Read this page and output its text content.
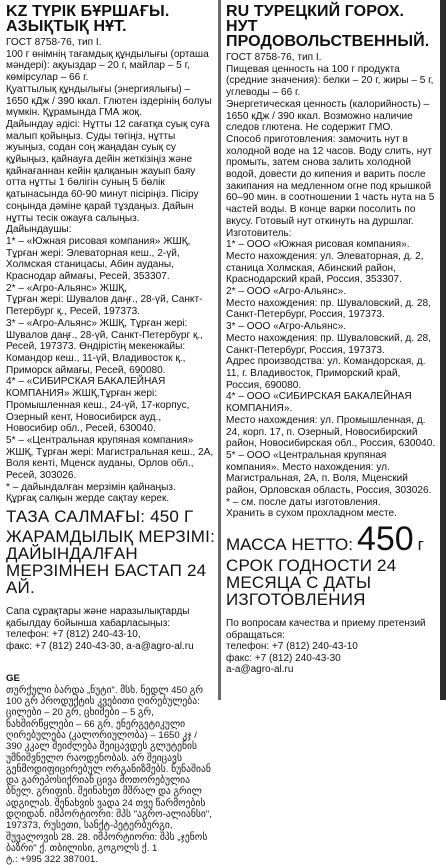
KZ ТҮРІК БҰРШАҒЫ. АЗЫҚТЫҚ НҰТ.

ГОСТ 8758-76, тип I.
100 г өнімнің тағамдық құндылығы (орташа мәндері): ақуыздар – 20 г, майлар – 5 г, көмірсулар – 66 г.
Қуаттылық құндылығы (энергиялығы) – 1650 кДж / 390 ккал. Глютен іздерінің болуы мүмкін. Құрамында ГМА жоқ.
Дайындау әдісі: Нұтты 12 сағатқа суық суға малып қойыңыз. Суды төгіңіз, нұтты жуыңыз, содан соң жаңадан суық су құйыңыз, қайнауға дейін жеткізіңіз және қайнағаннан кейін қалқанын жауып баяу отта нұтты 1 бөлігін суның 5 бөлік қатынасында 60-90 минут пісіріңіз. Пісіру соңында дәміне қарай тұздаңыз. Дайын нұтты тесік ожауға салыңыз.
Дайындаушы:
1* – «Южная рисовая компания» ЖШҚ, Тұрған жері: Элеваторная кеш., 2-үй, Холмская станицасы, Абин ауданы, Краснодар аймағы, Ресей, 353307.
2* – «Агро-Альянс» ЖШҚ,
Тұрған жері: Шувалов даңғ., 28-үй, Санкт-Петербург қ., Ресей, 197373.
3* – «Агро-Альянс» ЖШҚ, Тұрған жері: Шувалов даңғ., 28-үй, Санкт-Петербург қ., Ресей, 197373. Өндірістің мекенжайы: Командор кеш., 11-үй, Владивосток қ., Приморск аймағы, Ресей, 690080.
4* – «СИБИРСКАЯ БАКАЛЕЙНАЯ КОМПАНИЯ» ЖШҚ,Тұрған жері: Промышленная кеш., 24-үй, 17-корпус, Озерный кент, Новосибирск ауд., Новосибир обл., Ресей, 630040.
5* – «Центральная крупяная компания» ЖШҚ, Тұрған жері: Магистральная кеш., 2А, Воля кенті, Мценск ауданы, Орлов обл., Ресей, 303026.
* – дайындалған мерзімін қайнаңыз.
Құрғақ салқын жерде сақтау керек.

ТАЗА САЛМАҒЫ: 450 Г
ЖАРАМДЫЛЫҚ МЕРЗІМІ: ДАЙЫНДАЛҒАН МЕРЗІМНЕН БАСТАП 24 АЙ.

Сапа сұрақтары және наразылықтарды қабылдау бойынша хабарласыңыз: телефон: +7 (812) 240-43-10,
факс: +7 (812) 240-43-30, a-a@agro-al.ru

GE
თურქული ბარდა „ნუტი". მსხ. ნედლ 450 გრ 100 გრ პროდუქტის კვებითი ღირებულება: ცილები – 20 გრ, ცხიმები – 5 გრ, ნახშირწყლები – 66 გრ, ენერგეტიკული ღირებულება (კალორიულობა) – 1650 კჯ / 390 კკალ შეიძლება შეიცავდეს გლუტენის უმნიშვნელო რაოდენობას. არ შეიცავს გენმოდიფიცირებულ ორგანიზმებს. ნუნაშიან და გარეპოსიქრიან ცივა მოთორებულია ბნელ. გრიფის. შეინახეთ მშრალ და გრილ ადგილას. შენახვის ვადა 24 თვე წარმოების დღიდან. იმპორტიორი: შპს "აგრო-ალიანსი", 197373, რუსეთი, სანქტ-პეტერბურგი, შუვალოვის 28. 28. იმპორტიორი: შპს „ჯენოს ბაზრი" ქ. თბილისი, გოგოლს ქ. 1
ტ.: +995 322 387001.

RU ТУРЕЦКИЙ ГОРОХ. НУТ ПРОДОВОЛЬСТВЕННЫЙ.

ГОСТ 8758-76, тип I.
Пищевая ценность на 100 г продукта (средние значения): белки – 20 г, жиры – 5 г, углеводы – 66 г.
Энергетическая ценность (калорийность) – 1650 кДж / 390 ккал. Возможно наличие следов глютена. Не содержит ГМО.
Способ приготовления: замочить нут в холодной воде на 12 часов. Воду слить, нут промыть, затем снова залить холодной водой, довести до кипения и варить после закипания на медленном огне под крышкой 60–90 мин. в соотношении 1 часть нута на 5 частей воды. В конце варки посолить по вкусу. Готовый нут откинуть на дуршлаг.
Изготовитель:
1* – ООО «Южная рисовая компания».
Место нахождения: ул. Элеваторная, д. 2, станица Холмская, Абинский район, Краснодарский край, Россия, 353307.
2* – ООО «Агро-Альянс».
Место нахождения: пр. Шуваловский, д. 28, Санкт-Петербург, Россия, 197373.
3* – ООО «Агро-Альянс».
Место нахождения: пр. Шуваловский, д. 28, Санкт-Петербург, Россия, 197373.
Адрес производства: ул. Командорская, д. 11, г. Владивосток, Приморский край, Россия, 690080.
4* – ООО «СИБИРСКАЯ БАКАЛЕЙНАЯ КОМПАНИЯ».
Место нахождения: ул. Промышленная, д. 24, корп. 17, п. Озерный, Новосибирский район, Новосибирская обл., Россия, 630040.
5* – ООО «Центральная крупяная компания». Место нахождения: ул. Магистральная, 2А, п. Воля, Мценский район, Орловская область, Россия, 303026.
* – см. после даты изготовления.
Хранить в сухом прохладном месте.

МАССА НЕТТО: 450 г
СРОК ГОДНОСТИ 24 МЕСЯЦА С ДАТЫ ИЗГОТОВЛЕНИЯ

По вопросам качества и приему претензий обращаться:
телефон: +7 (812) 240-43-10
факс: +7 (812) 240-43-30
a-a@agro-al.ru
